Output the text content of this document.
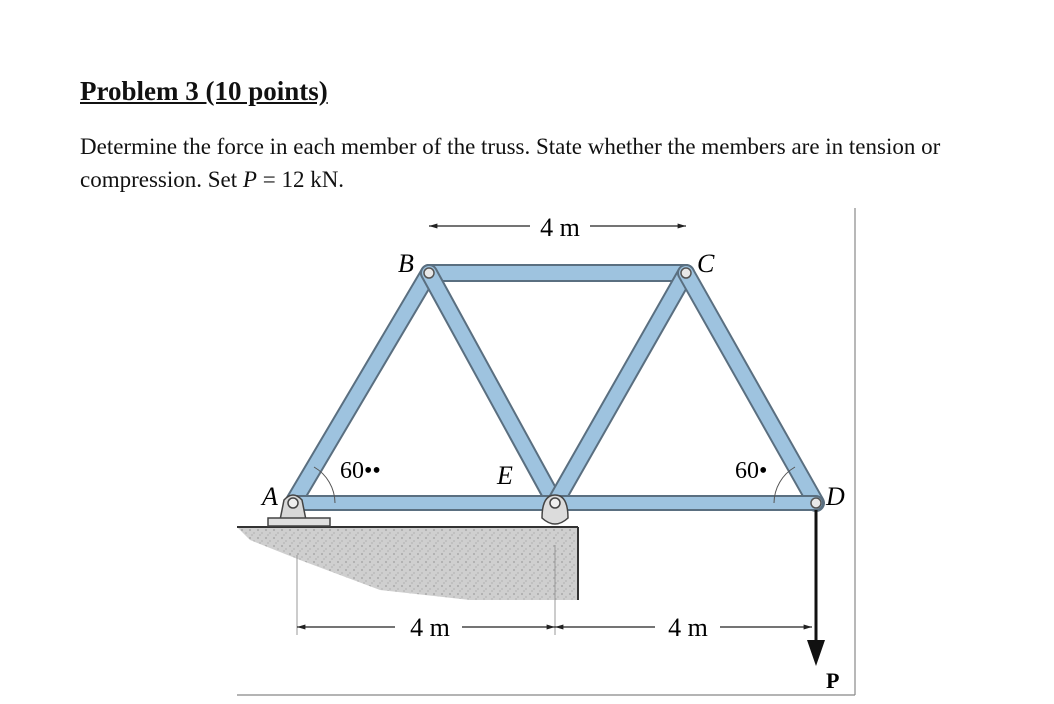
Problem 3 (10 points)

Determine the force in each member of the truss. State whether the members are in tension or compression. Set P = 12 kN.

4 m
4 m	4 m
60••	60•
B	C
A	D
E
P
